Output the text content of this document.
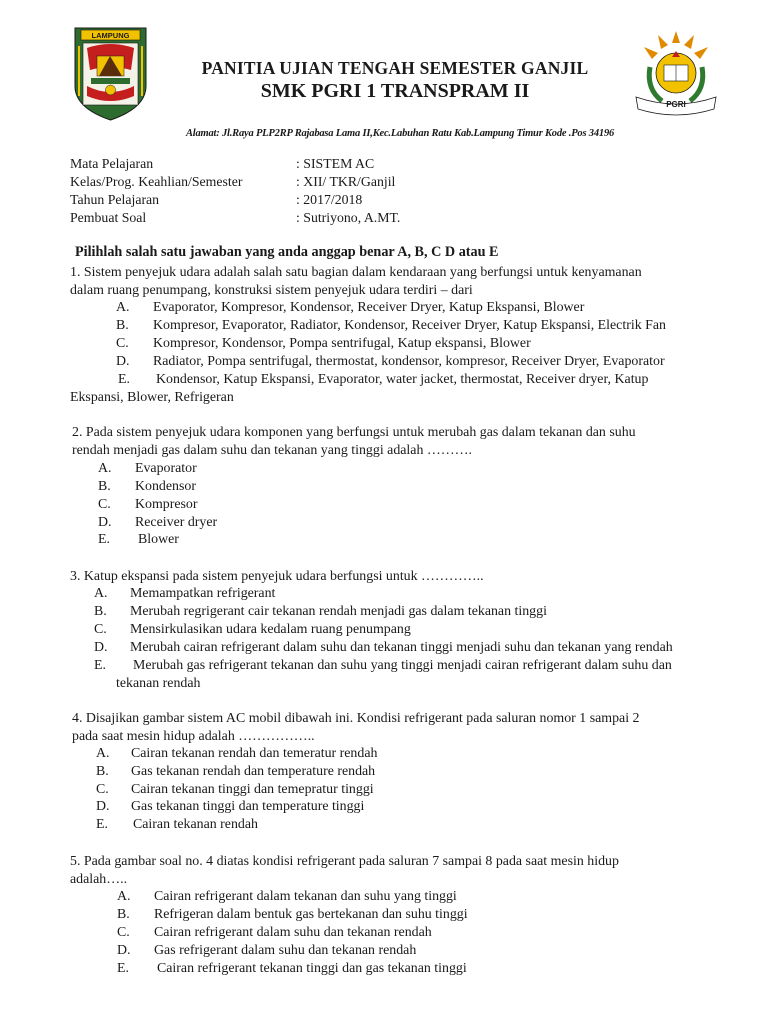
LAMPUNG
PANITIA UJIAN TENGAH SEMESTER GANJIL
SMK PGRI 1 TRANSPRAM II
PGRI
Alamat: Jl.Raya PLP2RP Rajabasa Lama II,Kec.Labuhan Ratu Kab.Lampung Timur Kode .Pos 34196
Mata Pelajaran	: SISTEM AC
Kelas/Prog. Keahlian/Semester	: XII/ TKR/Ganjil
Tahun Pelajaran	: 2017/2018
Pembuat Soal	: Sutriyono, A.MT.
Pilihlah salah satu jawaban yang anda anggap benar A, B, C D atau E
1. Sistem penyejuk udara adalah salah satu bagian dalam kendaraan yang berfungsi untuk kenyamanan
dalam ruang penumpang, konstruksi sistem penyejuk udara terdiri – dari
A. Evaporator, Kompresor, Kondensor, Receiver Dryer, Katup Ekspansi, Blower
B. Kompresor, Evaporator, Radiator, Kondensor, Receiver Dryer, Katup Ekspansi, Electrik Fan
C. Kompresor, Kondensor, Pompa sentrifugal, Katup ekspansi, Blower
D. Radiator, Pompa sentrifugal, thermostat, kondensor, kompresor, Receiver Dryer, Evaporator
E. Kondensor, Katup Ekspansi, Evaporator, water jacket, thermostat, Receiver dryer, Katup
Ekspansi, Blower, Refrigeran
2. Pada sistem penyejuk udara komponen yang berfungsi untuk merubah gas dalam tekanan dan suhu
rendah menjadi gas dalam suhu dan tekanan yang tinggi adalah ……….
A. Evaporator
B. Kondensor
C. Kompresor
D. Receiver dryer
E. Blower
3. Katup ekspansi pada sistem penyejuk udara berfungsi untuk …………..
A. Memampatkan refrigerant
B. Merubah regrigerant cair tekanan rendah menjadi gas dalam tekanan tinggi
C. Mensirkulasikan udara kedalam ruang penumpang
D. Merubah cairan refrigerant dalam suhu dan tekanan tinggi menjadi suhu dan tekanan yang rendah
E. Merubah gas refrigerant tekanan dan suhu yang tinggi menjadi cairan refrigerant dalam suhu dan
tekanan rendah
4. Disajikan gambar sistem AC mobil dibawah ini. Kondisi refrigerant pada saluran nomor 1 sampai 2
pada saat mesin hidup adalah ……………..
A. Cairan tekanan rendah dan temeratur rendah
B. Gas tekanan rendah dan temperature rendah
C. Cairan tekanan tinggi dan temepratur tinggi
D. Gas tekanan tinggi dan temperature tinggi
E. Cairan tekanan rendah
5. Pada gambar soal no. 4 diatas kondisi refrigerant pada saluran 7 sampai 8 pada saat mesin hidup
adalah…..
A. Cairan refrigerant dalam tekanan dan suhu yang tinggi
B. Refrigeran dalam bentuk gas bertekanan dan suhu tinggi
C. Cairan refrigerant dalam suhu dan tekanan rendah
D. Gas refrigerant dalam suhu dan tekanan rendah
E. Cairan refrigerant tekanan tinggi dan gas tekanan tinggi
